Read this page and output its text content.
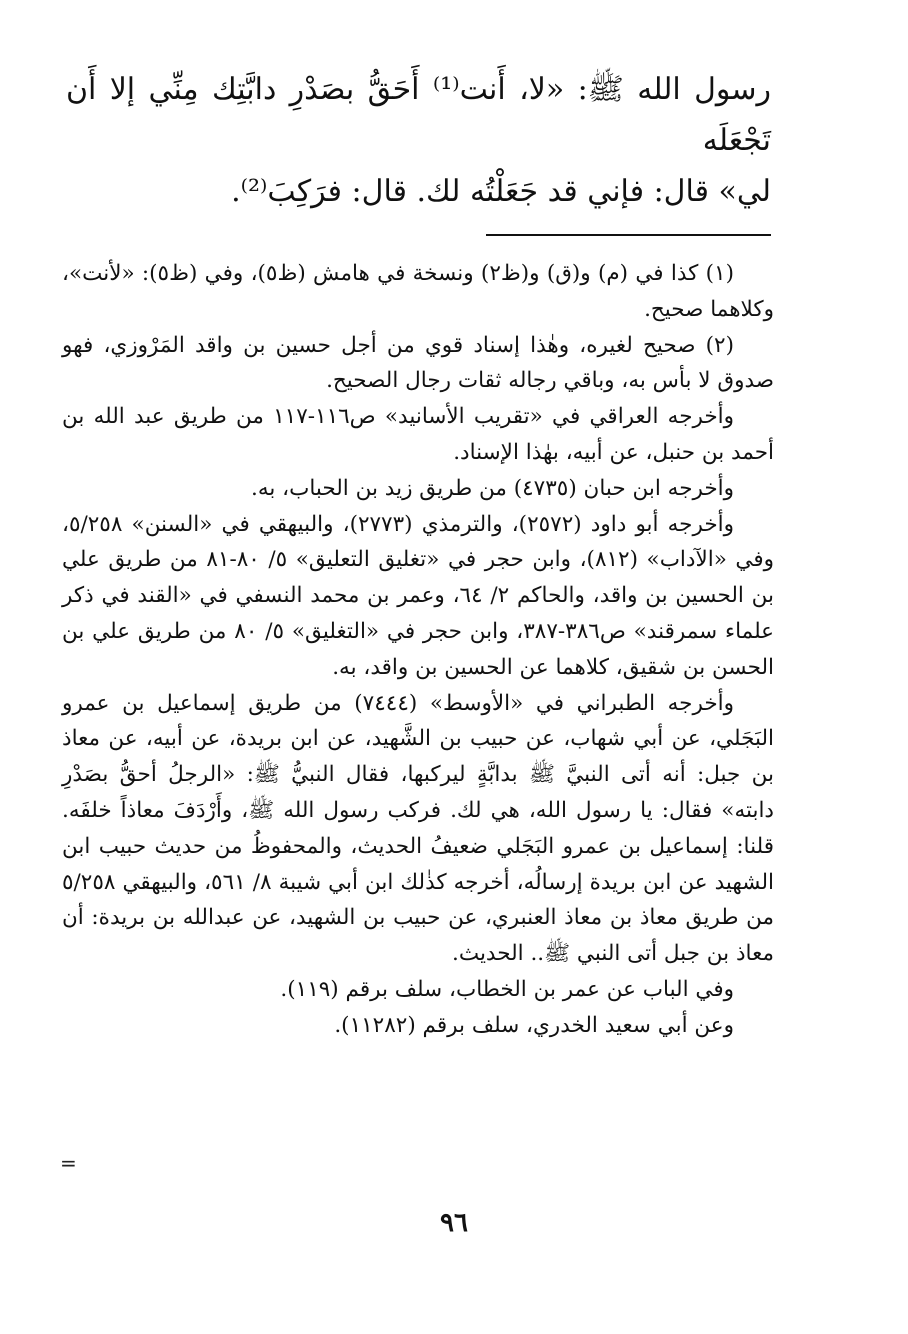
رسول الله ﷺ: «لا، أَنت⁽¹⁾ أَحَقُّ بصَدْرِ دابَّتِك مِنِّي إلا أَن تَجْعَلَه

لي» قال: فإني قد جَعَلْتُه لك. قال: فرَكِبَ⁽²⁾.

(١) كذا في (م) و(ق) و(ظ٢) ونسخة في هامش (ظ٥)، وفي (ظ٥): «لأنت»، وكلاهما صحيح.

(٢) صحيح لغيره، وهٰذا إسناد قوي من أجل حسين بن واقد المَرْوزي، فهو صدوق لا بأس به، وباقي رجاله ثقات رجال الصحيح.

وأخرجه العراقي في «تقريب الأسانيد» ص١١٦-١١٧ من طريق عبد الله بن أحمد بن حنبل، عن أبيه، بهٰذا الإسناد.

وأخرجه ابن حبان (٤٧٣٥) من طريق زيد بن الحباب، به.

وأخرجه أبو داود (٢٥٧٢)، والترمذي (٢٧٧٣)، والبيهقي في «السنن» ٥/٢٥٨، وفي «الآداب» (٨١٢)، وابن حجر في «تغليق التعليق» ٥/ ٨٠-٨١ من طريق علي بن الحسين بن واقد، والحاكم ٢/ ٦٤، وعمر بن محمد النسفي في «القند في ذكر علماء سمرقند» ص٣٨٦-٣٨٧، وابن حجر في «التغليق» ٥/ ٨٠ من طريق علي بن الحسن بن شقيق، كلاهما عن الحسين بن واقد، به.

وأخرجه الطبراني في «الأوسط» (٧٤٤٤) من طريق إسماعيل بن عمرو البَجَلي، عن أبي شهاب، عن حبيب بن الشَّهيد، عن ابن بريدة، عن أبيه، عن معاذ بن جبل: أنه أتى النبيَّ ﷺ بدابَّةٍ ليركبها، فقال النبيُّ ﷺ: «الرجلُ أحقُّ بصَدْرِ دابته» فقال: يا رسول الله، هي لك. فركب رسول الله ﷺ، وأَرْدَفَ معاذاً خلفَه. قلنا: إسماعيل بن عمرو البَجَلي ضعيفُ الحديث، والمحفوظُ من حديث حبيب ابن الشهيد عن ابن بريدة إرسالُه، أخرجه كذٰلك ابن أبي شيبة ٨/ ٥٦١، والبيهقي ٥/٢٥٨ من طريق معاذ بن معاذ العنبري، عن حبيب بن الشهيد، عن عبدالله بن بريدة: أن معاذ بن جبل أتى النبي ﷺ.. الحديث.

وفي الباب عن عمر بن الخطاب، سلف برقم (١١٩).

وعن أبي سعيد الخدري، سلف برقم (١١٢٨٢).

=
٩٦
